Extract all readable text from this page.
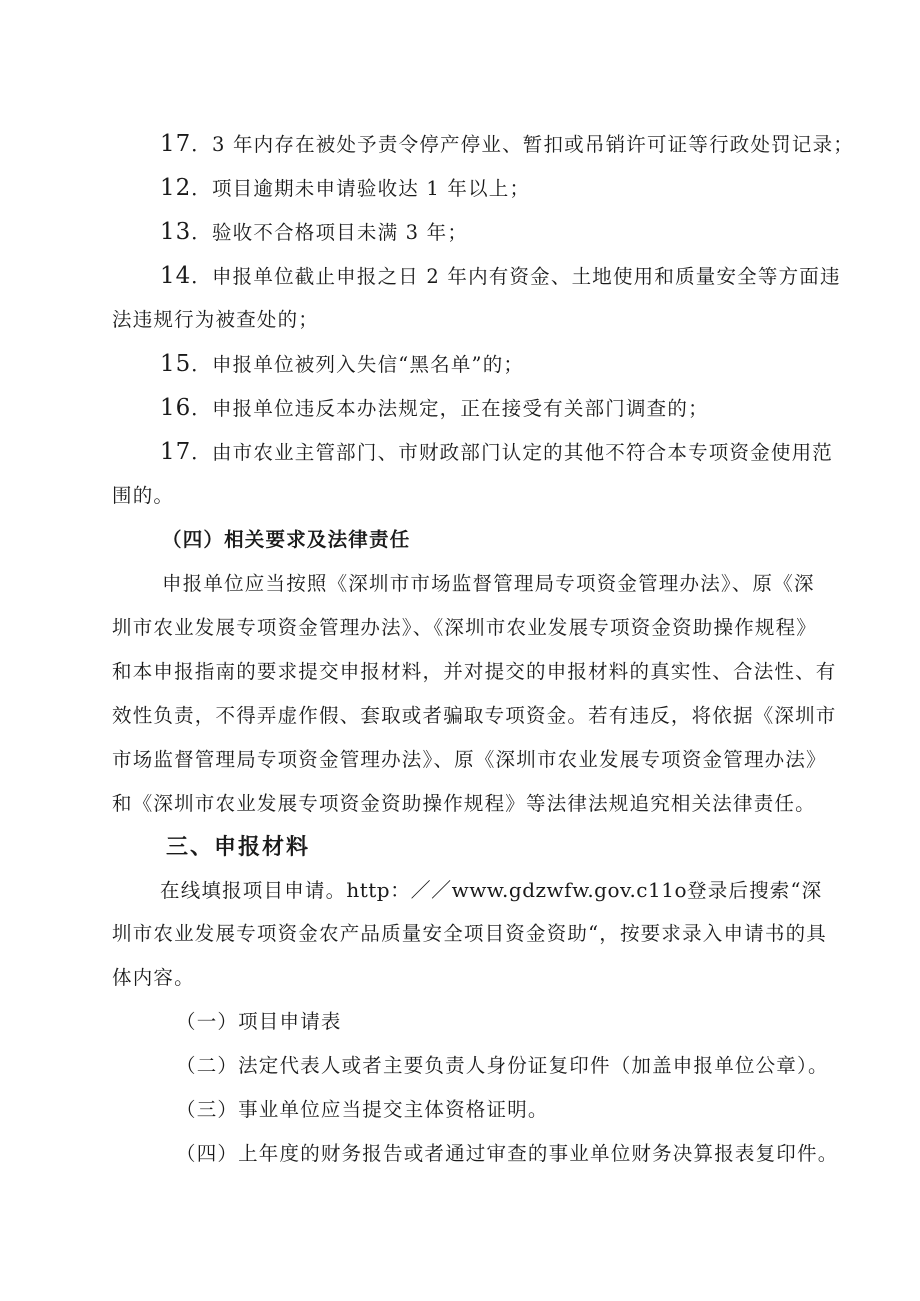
17．3 年内存在被处予责令停产停业、暂扣或吊销许可证等行政处罚记录；
12．项目逾期未申请验收达 1 年以上；
13．验收不合格项目未满 3 年；
14．申报单位截止申报之日 2 年内有资金、土地使用和质量安全等方面违
法违规行为被查处的；
15．申报单位被列入失信“黑名单”的；
16．申报单位违反本办法规定，正在接受有关部门调查的；
17．由市农业主管部门、市财政部门认定的其他不符合本专项资金使用范
围的。
（四）相关要求及法律责任
申报单位应当按照《深圳市市场监督管理局专项资金管理办法》、原《深
圳市农业发展专项资金管理办法》、《深圳市农业发展专项资金资助操作规程》
和本申报指南的要求提交申报材料，并对提交的申报材料的真实性、合法性、有
效性负责，不得弄虚作假、套取或者骗取专项资金。若有违反，将依据《深圳市
市场监督管理局专项资金管理办法》、原《深圳市农业发展专项资金管理办法》
和《深圳市农业发展专项资金资助操作规程》等法律法规追究相关法律责任。
三、申报材料
在线填报项目申请。http：／／www.gdzwfw.gov.c11o登录后搜索“深
圳市农业发展专项资金农产品质量安全项目资金资助“，按要求录入申请书的具
体内容。
（一）项目申请表
（二）法定代表人或者主要负责人身份证复印件（加盖申报单位公章）。
（三）事业单位应当提交主体资格证明。
（四）上年度的财务报告或者通过审查的事业单位财务决算报表复印件。
